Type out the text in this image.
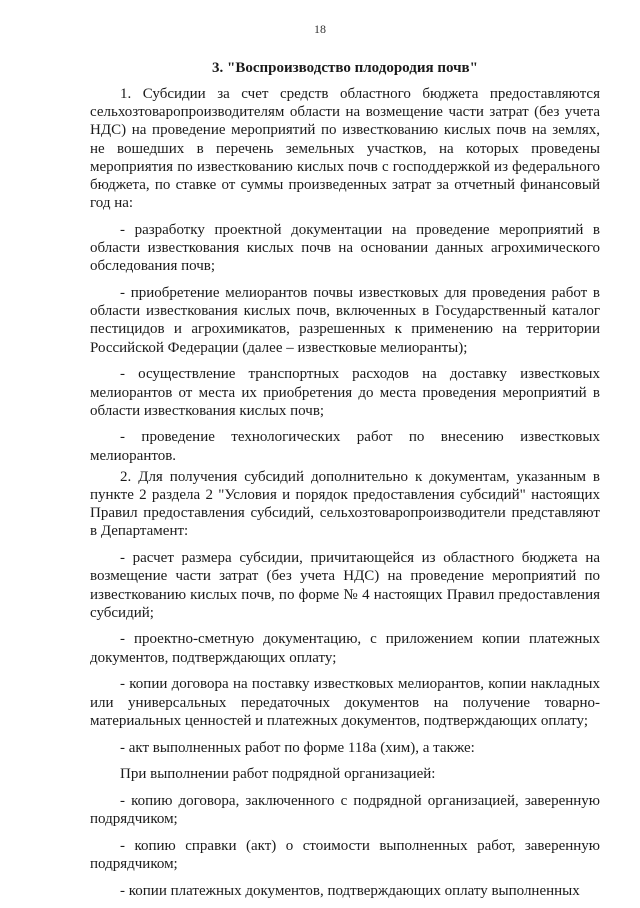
18
3. "Воспроизводство плодородия почв"

1. Субсидии за счет средств областного бюджета предоставляются сельхозтоваропроизводителям области на возмещение части затрат (без учета НДС) на проведение мероприятий по известкованию кислых почв на землях, не вошедших в перечень земельных участков, на которых проведены мероприятия по известкованию кислых почв с господдержкой из федерального бюджета, по ставке от суммы произведенных затрат за отчетный финансовый год на:

- разработку проектной документации на проведение мероприятий в области известкования кислых почв на основании данных агрохимического обследования почв;

- приобретение мелиорантов почвы известковых для проведения работ в области известкования кислых почв, включенных в Государственный каталог пестицидов и агрохимикатов, разрешенных к применению на территории Российской Федерации (далее – известковые мелиоранты);

- осуществление транспортных расходов на доставку известковых мелиорантов от места их приобретения до места проведения мероприятий в области известкования кислых почв;

- проведение технологических работ по внесению известковых мелиорантов.

2. Для получения субсидий дополнительно к документам, указанным в пункте 2 раздела 2 "Условия и порядок предоставления субсидий" настоящих Правил предоставления субсидий, сельхозтоваропроизводители представляют в Департамент:

- расчет размера субсидии, причитающейся из областного бюджета на возмещение части затрат (без учета НДС) на проведение мероприятий по известкованию кислых почв, по форме № 4 настоящих Правил предоставления субсидий;

- проектно-сметную документацию, с приложением копии платежных документов, подтверждающих оплату;

- копии договора на поставку известковых мелиорантов, копии накладных или универсальных передаточных документов на получение товарно-материальных ценностей и платежных документов, подтверждающих оплату;

- акт выполненных работ по форме 118а (хим), а также:

При выполнении работ подрядной организацией:

- копию договора, заключенного с подрядной организацией, заверенную подрядчиком;

- копию справки (акт) о стоимости выполненных работ, заверенную подрядчиком;

- копии платежных документов, подтверждающих оплату выполненных
